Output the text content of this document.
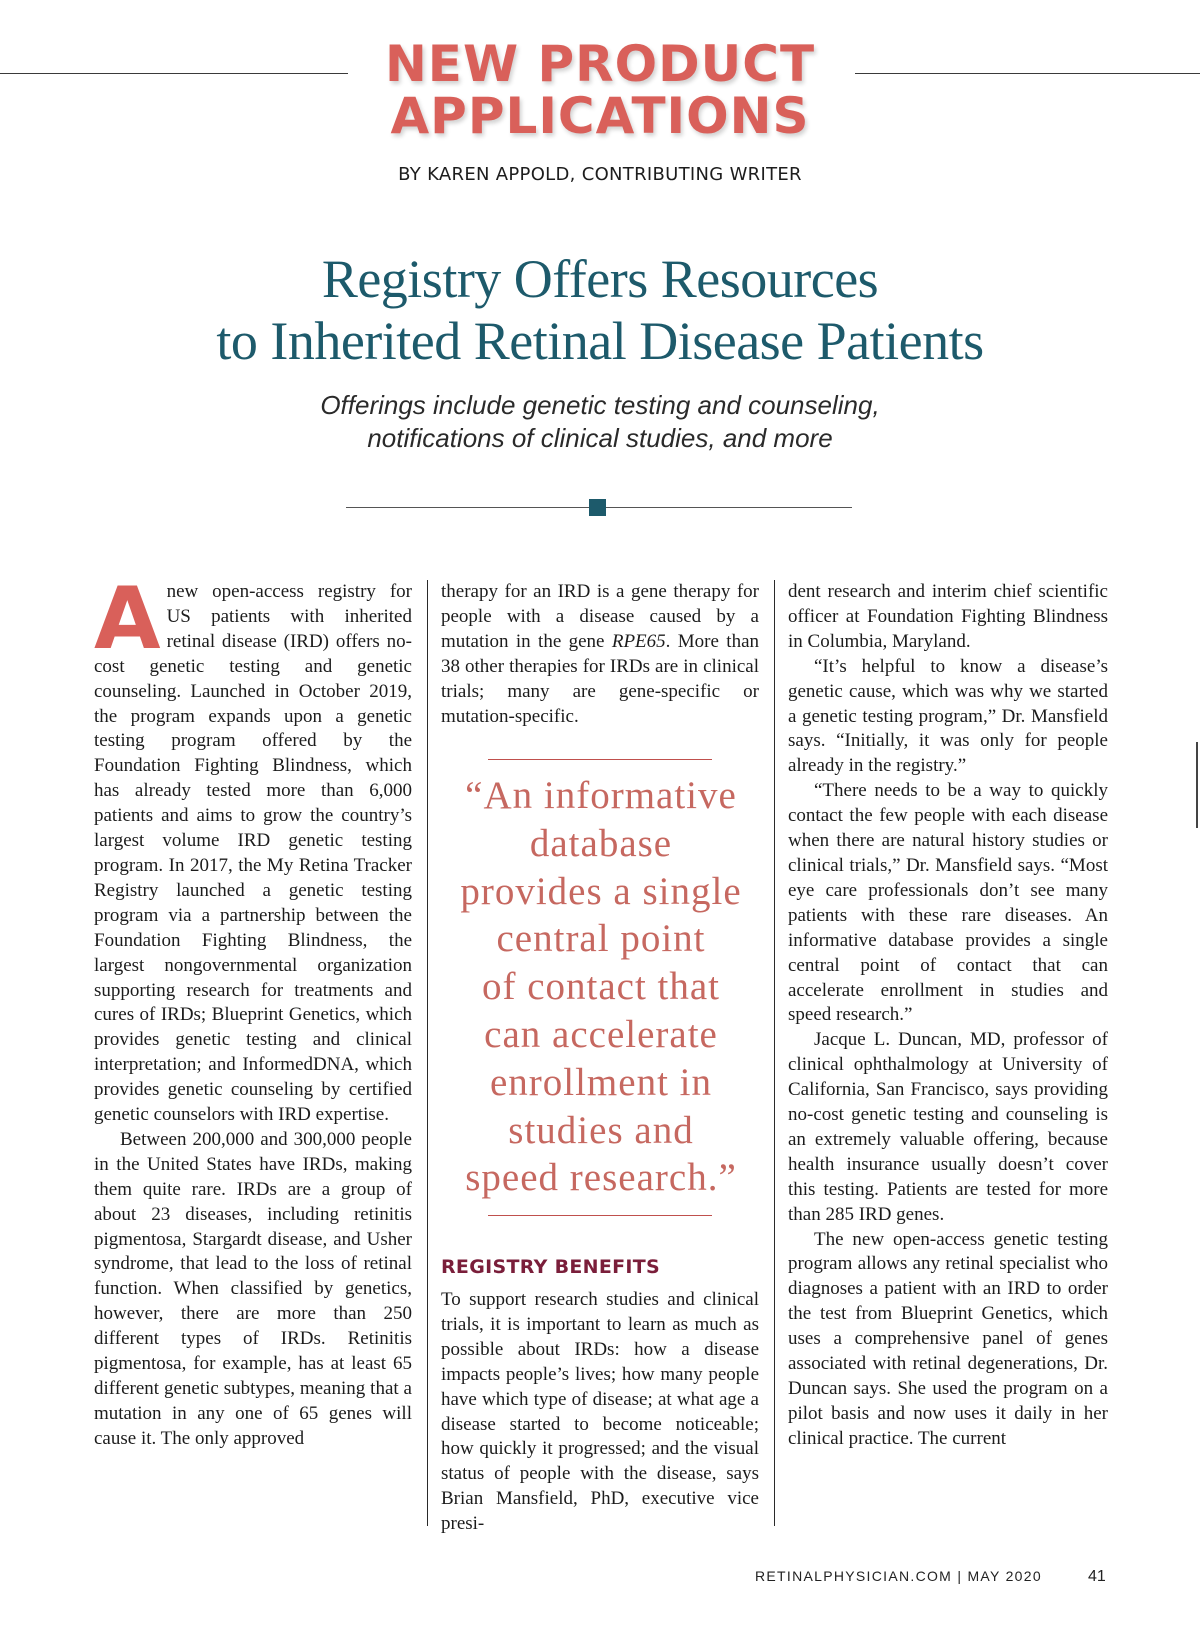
NEW PRODUCT
APPLICATIONS
BY KAREN APPOLD, CONTRIBUTING WRITER
Registry Offers Resources
to Inherited Retinal Disease Patients
Offerings include genetic testing and counseling,
notifications of clinical studies, and more

Anew open-access registry for US patients with inherited retinal disease (IRD) offers no-cost genetic testing and genetic counseling. Launched in October 2019, the program expands upon a genetic testing program offered by the Foundation Fighting Blindness, which has already tested more than 6,000 patients and aims to grow the country’s largest volume IRD genetic testing program. In 2017, the My Retina Tracker Registry launched a genetic testing program via a partnership between the Foundation Fighting Blindness, the largest nongovernmental organization supporting research for treatments and cures of IRDs; Blueprint Genetics, which provides genetic testing and clinical interpretation; and InformedDNA, which provides genetic counseling by certified genetic counselors with IRD expertise.

Between 200,000 and 300,000 people in the United States have IRDs, making them quite rare. IRDs are a group of about 23 diseases, including retinitis pigmentosa, Stargardt disease, and Usher syndrome, that lead to the loss of retinal function. When classified by genetics, however, there are more than 250 different types of IRDs. Retinitis pigmentosa, for example, has at least 65 different genetic subtypes, meaning that a mutation in any one of 65 genes will cause it. The only approved

therapy for an IRD is a gene therapy for people with a disease caused by a mutation in the gene RPE65. More than 38 other therapies for IRDs are in clinical trials; many are gene-specific or mutation-specific.

“An informative
database
provides a single
central point
of contact that
can accelerate
enrollment in
studies and
speed research.”
REGISTRY BENEFITS

To support research studies and clinical trials, it is important to learn as much as possible about IRDs: how a disease impacts people’s lives; how many people have which type of disease; at what age a disease started to become noticeable; how quickly it progressed; and the visual status of people with the disease, says Brian Mansfield, PhD, executive vice presi-

dent research and interim chief scientific officer at Foundation Fighting Blindness in Columbia, Maryland.

“It’s helpful to know a disease’s genetic cause, which was why we started a genetic testing program,” Dr. Mansfield says. “Initially, it was only for people already in the registry.”

“There needs to be a way to quickly contact the few people with each disease when there are natural history studies or clinical trials,” Dr. Mansfield says. “Most eye care professionals don’t see many patients with these rare diseases. An informative database provides a single central point of contact that can accelerate enrollment in studies and speed research.”

Jacque L. Duncan, MD, professor of clinical ophthalmology at University of California, San Francisco, says providing no-cost genetic testing and counseling is an extremely valuable offering, because health insurance usually doesn’t cover this testing. Patients are tested for more than 285 IRD genes.

The new open-access genetic testing program allows any retinal specialist who diagnoses a patient with an IRD to order the test from Blueprint Genetics, which uses a comprehensive panel of genes associated with retinal degenerations, Dr. Duncan says. She used the program on a pilot basis and now uses it daily in her clinical practice. The current

RETINALPHYSICIAN.COM | MAY 2020	41
